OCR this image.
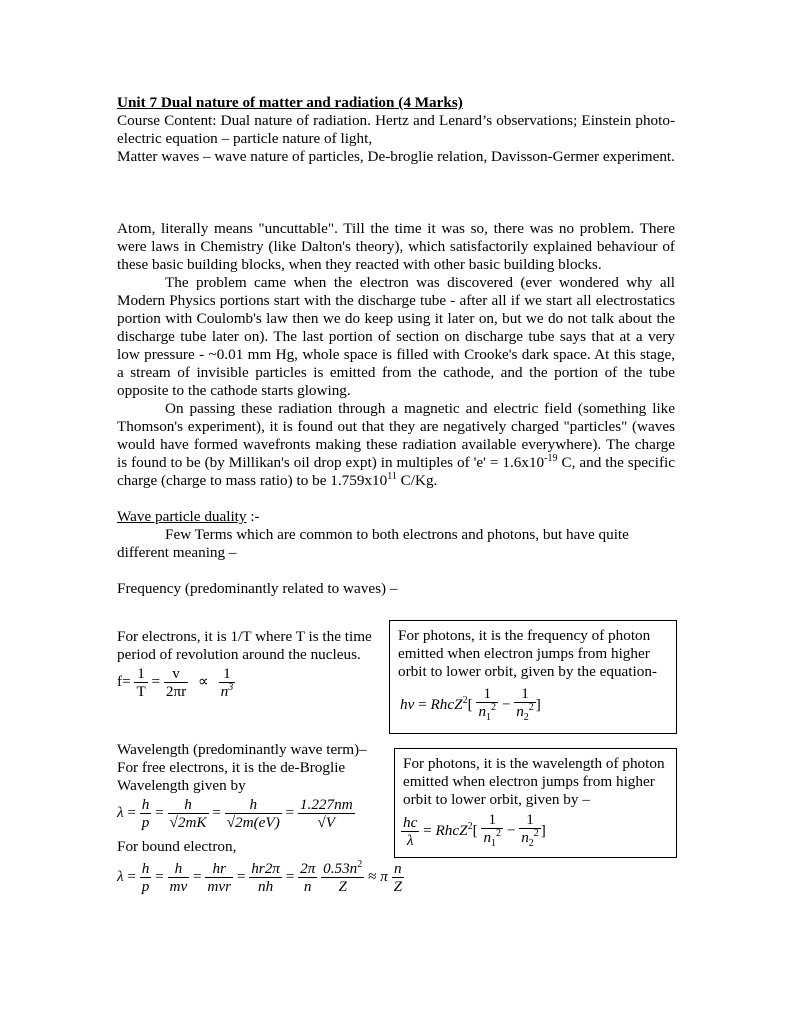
Unit 7 Dual nature of matter and radiation (4 Marks)
Course Content: Dual nature of radiation. Hertz and Lenard’s observations; Einstein photo-electric equation – particle nature of light,
Matter waves – wave nature of particles, De-broglie relation, Davisson-Germer experiment.
Atom, literally means "uncuttable". Till the time it was so, there was no problem. There were laws in Chemistry (like Dalton's theory), which satisfactorily explained behaviour of these basic building blocks, when they reacted with other basic building blocks.
The problem came when the electron was discovered (ever wondered why all Modern Physics portions start with the discharge tube - after all if we start all electrostatics portion with Coulomb's law then we do keep using it later on, but we do not talk about the discharge tube later on). The last portion of section on discharge tube says that at a very low pressure - ~0.01 mm Hg, whole space is filled with Crooke's dark space. At this stage, a stream of invisible particles is emitted from the cathode, and the portion of the tube opposite to the cathode starts glowing.
On passing these radiation through a magnetic and electric field (something like Thomson's experiment), it is found out that they are negatively charged "particles" (waves would have formed wavefronts making these radiation available everywhere). The charge is found to be (by Millikan's oil drop expt) in multiples of '$e' = 1.6x10^{-19}$ C, and the specific charge (charge to mass ratio) to be $1.759x10^{11}$ C/Kg.
Wave particle duality :-
Few Terms which are common to both electrons and photons, but have quite different meaning –
Frequency (predominantly related to waves) –
For electrons, it is 1/T where T is the time period of revolution around the nucleus.
$f= \frac{1}{T} = \frac{v}{2\pi r} \propto \frac{1}{n^3}$
For photons, it is the frequency of photon emitted when electron jumps from higher orbit to lower orbit, given by the equation-
hν = RhcZ$^2$[ $\frac{1}{n_1^2} - \frac{1}{n_2^2}$ ]
Wavelength (predominantly wave term)–
For free electrons, it is the de-Broglie Wavelength given by
$\lambda = \frac{h}{p} = \frac{h}{√2mK} = \frac{h}{√2m(eV)} = \frac{1.227nm}{√V}$
For bound electron,
$\lambda = \frac{h}{p} = \frac{h}{mv} = \frac{hr}{\text{mvr}} = \frac{hr2\pi}{nh} = \frac{2\pi}{n}$
$\frac{0.53n^2}{Z} \approx \pi \frac{n}{Z}$
For photons, it is the wavelength of photon emitted when electron jumps from higher orbit to lower orbit, given by –
$\frac{hc}{\lambda}$ = RhcZ$^2$[ $\frac{1}{n_1^2} - \frac{1}{n_2^2}$ ]
